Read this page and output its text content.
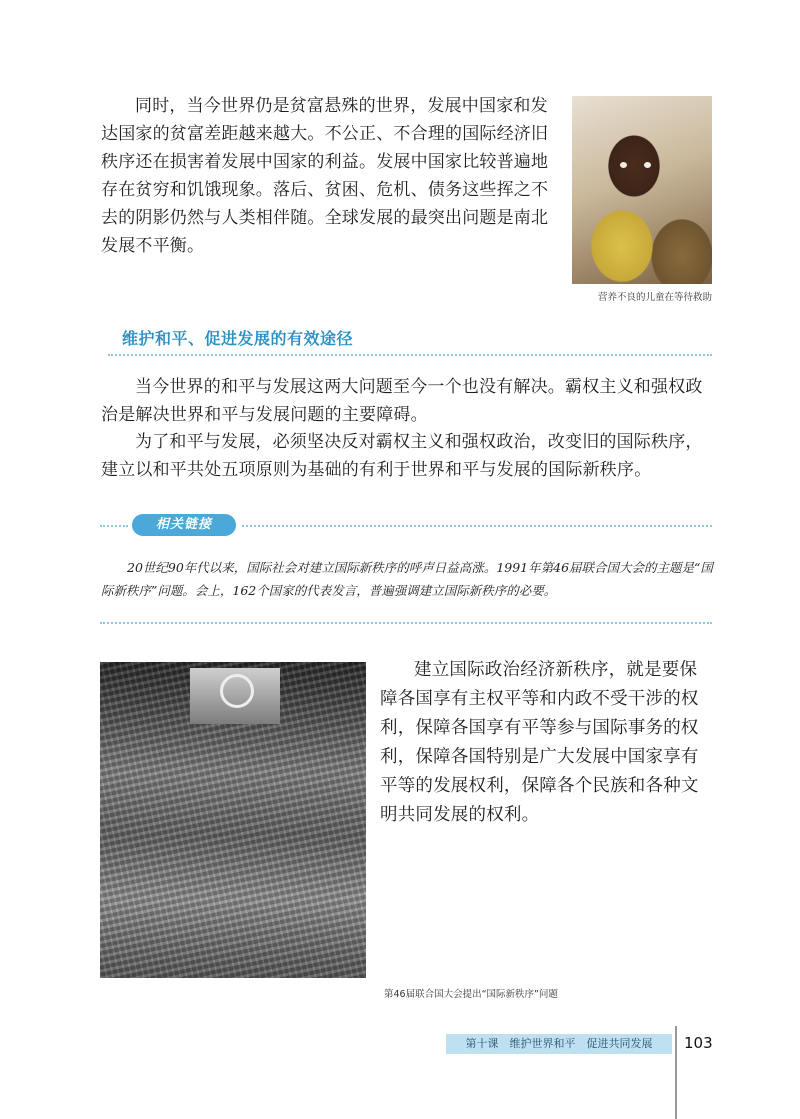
同时，当今世界仍是贫富悬殊的世界，发展中国家和发达国家的贫富差距越来越大。不公正、不合理的国际经济旧秩序还在损害着发展中国家的利益。发展中国家比较普遍地存在贫穷和饥饿现象。落后、贫困、危机、债务这些挥之不去的阴影仍然与人类相伴随。全球发展的最突出问题是南北发展不平衡。

营养不良的儿童在等待救助
维护和平、促进发展的有效途径

当今世界的和平与发展这两大问题至今一个也没有解决。霸权主义和强权政治是解决世界和平与发展问题的主要障碍。

为了和平与发展，必须坚决反对霸权主义和强权政治，改变旧的国际秩序，建立以和平共处五项原则为基础的有利于世界和平与发展的国际新秩序。

相关链接

20世纪90年代以来，国际社会对建立国际新秩序的呼声日益高涨。1991年第46届联合国大会的主题是“国际新秩序”问题。会上，162个国家的代表发言，普遍强调建立国际新秩序的必要。

建立国际政治经济新秩序，就是要保障各国享有主权平等和内政不受干涉的权利，保障各国享有平等参与国际事务的权利，保障各国特别是广大发展中国家享有平等的发展权利，保障各个民族和各种文明共同发展的权利。

第46届联合国大会提出“国际新秩序”问题
第十课　维护世界和平　促进共同发展	103
